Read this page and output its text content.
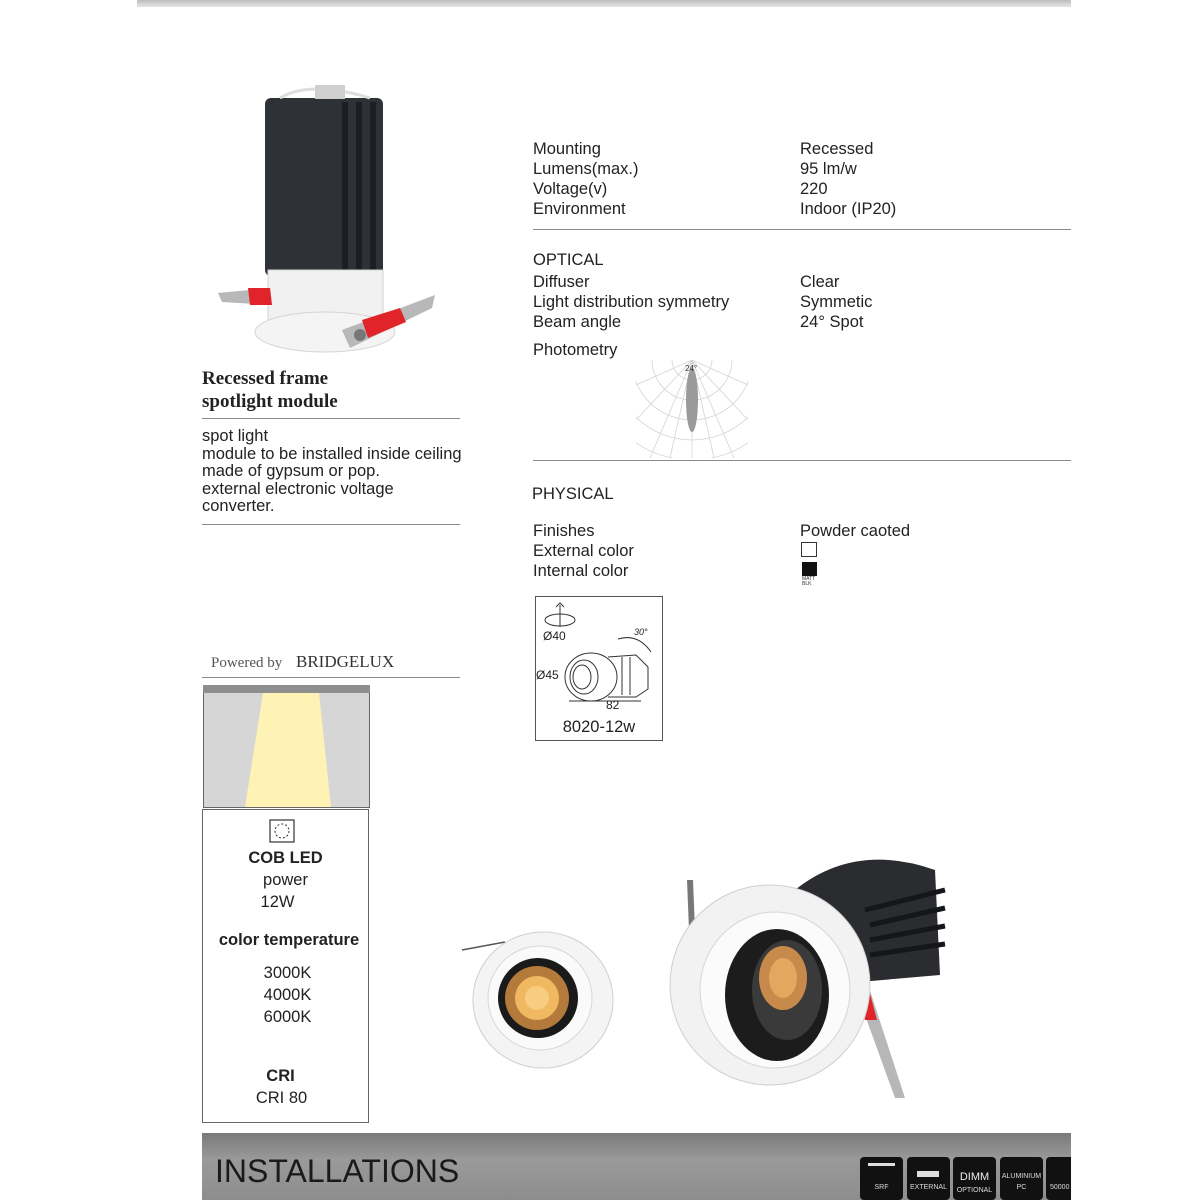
Recessed frame
spotlight module
spot light
module to be installed inside ceiling
made of gypsum or pop.
external electronic voltage
converter.
Powered by BRIDGELUX
COB LED
power
12W
color temperature
3000K
4000K
6000K
CRI
CRI 80
Mounting	Recessed
Lumens(max.)	95 lm/w
Voltage(v)	220
Environment	Indoor (IP20)
OPTICAL
Diffuser	Clear
Light distribution symmetry	Symmetic
Beam angle	24° Spot
Photometry
24°
PHYSICAL
Finishes	Powder caoted
External color
Internal color	MATT
BLK
Ø40
Ø45
30°
82
8020-12w
INSTALLATIONS	SRF	EXTERNAL
DIMM
OPTIONAL
ALUMINIUM
PC	50000
